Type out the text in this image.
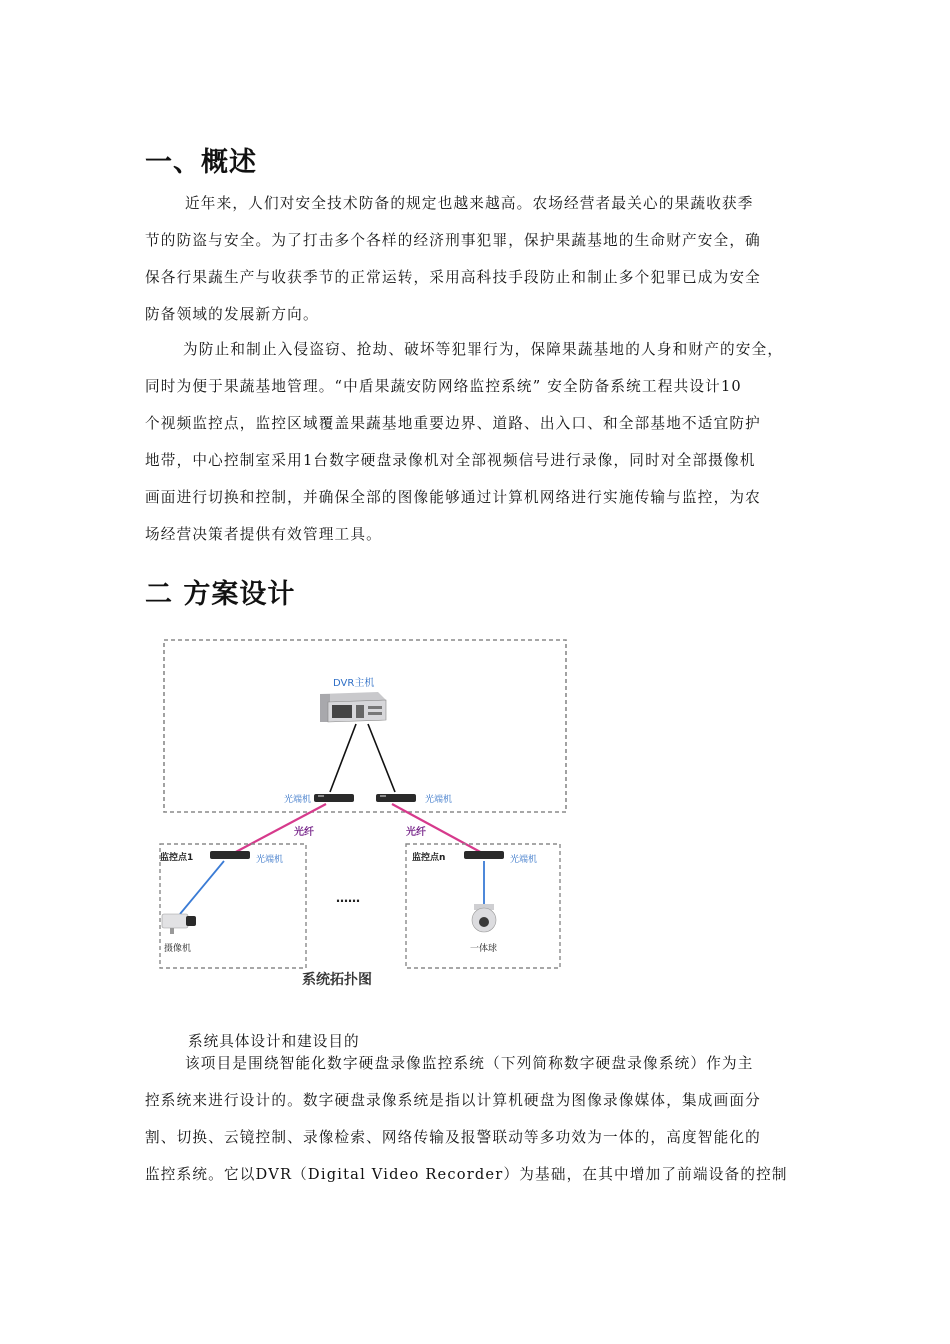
一、概述
近年来，人们对安全技术防备的规定也越来越高。农场经营者最关心的果蔬收获季
节的防盗与安全。为了打击多个各样的经济刑事犯罪，保护果蔬基地的生命财产安全，确
保各行果蔬生产与收获季节的正常运转，采用高科技手段防止和制止多个犯罪已成为安全
防备领域的发展新方向。
为防止和制止入侵盗窃、抢劫、破坏等犯罪行为，保障果蔬基地的人身和财产的安全，
同时为便于果蔬基地管理。“中盾果蔬安防网络监控系统” 安全防备系统工程共设计10
个视频监控点，监控区域覆盖果蔬基地重要边界、道路、出入口、和全部基地不适宜防护
地带，中心控制室采用1台数字硬盘录像机对全部视频信号进行录像，同时对全部摄像机
画面进行切换和控制，并确保全部的图像能够通过计算机网络进行实施传输与监控，为农
场经营决策者提供有效管理工具。
二 方案设计
DVR主机
光端机	光端机
光纤	光纤
监控点1	光端机
摄像机
……
监控点n	光端机
一体球
系统拓扑图
系统具体设计和建设目的
该项目是围绕智能化数字硬盘录像监控系统（下列简称数字硬盘录像系统）作为主
控系统来进行设计的。数字硬盘录像系统是指以计算机硬盘为图像录像媒体，集成画面分
割、切换、云镜控制、录像检索、网络传输及报警联动等多功效为一体的，高度智能化的
监控系统。它以DVR（Digital Video Recorder）为基础，在其中增加了前端设备的控制
